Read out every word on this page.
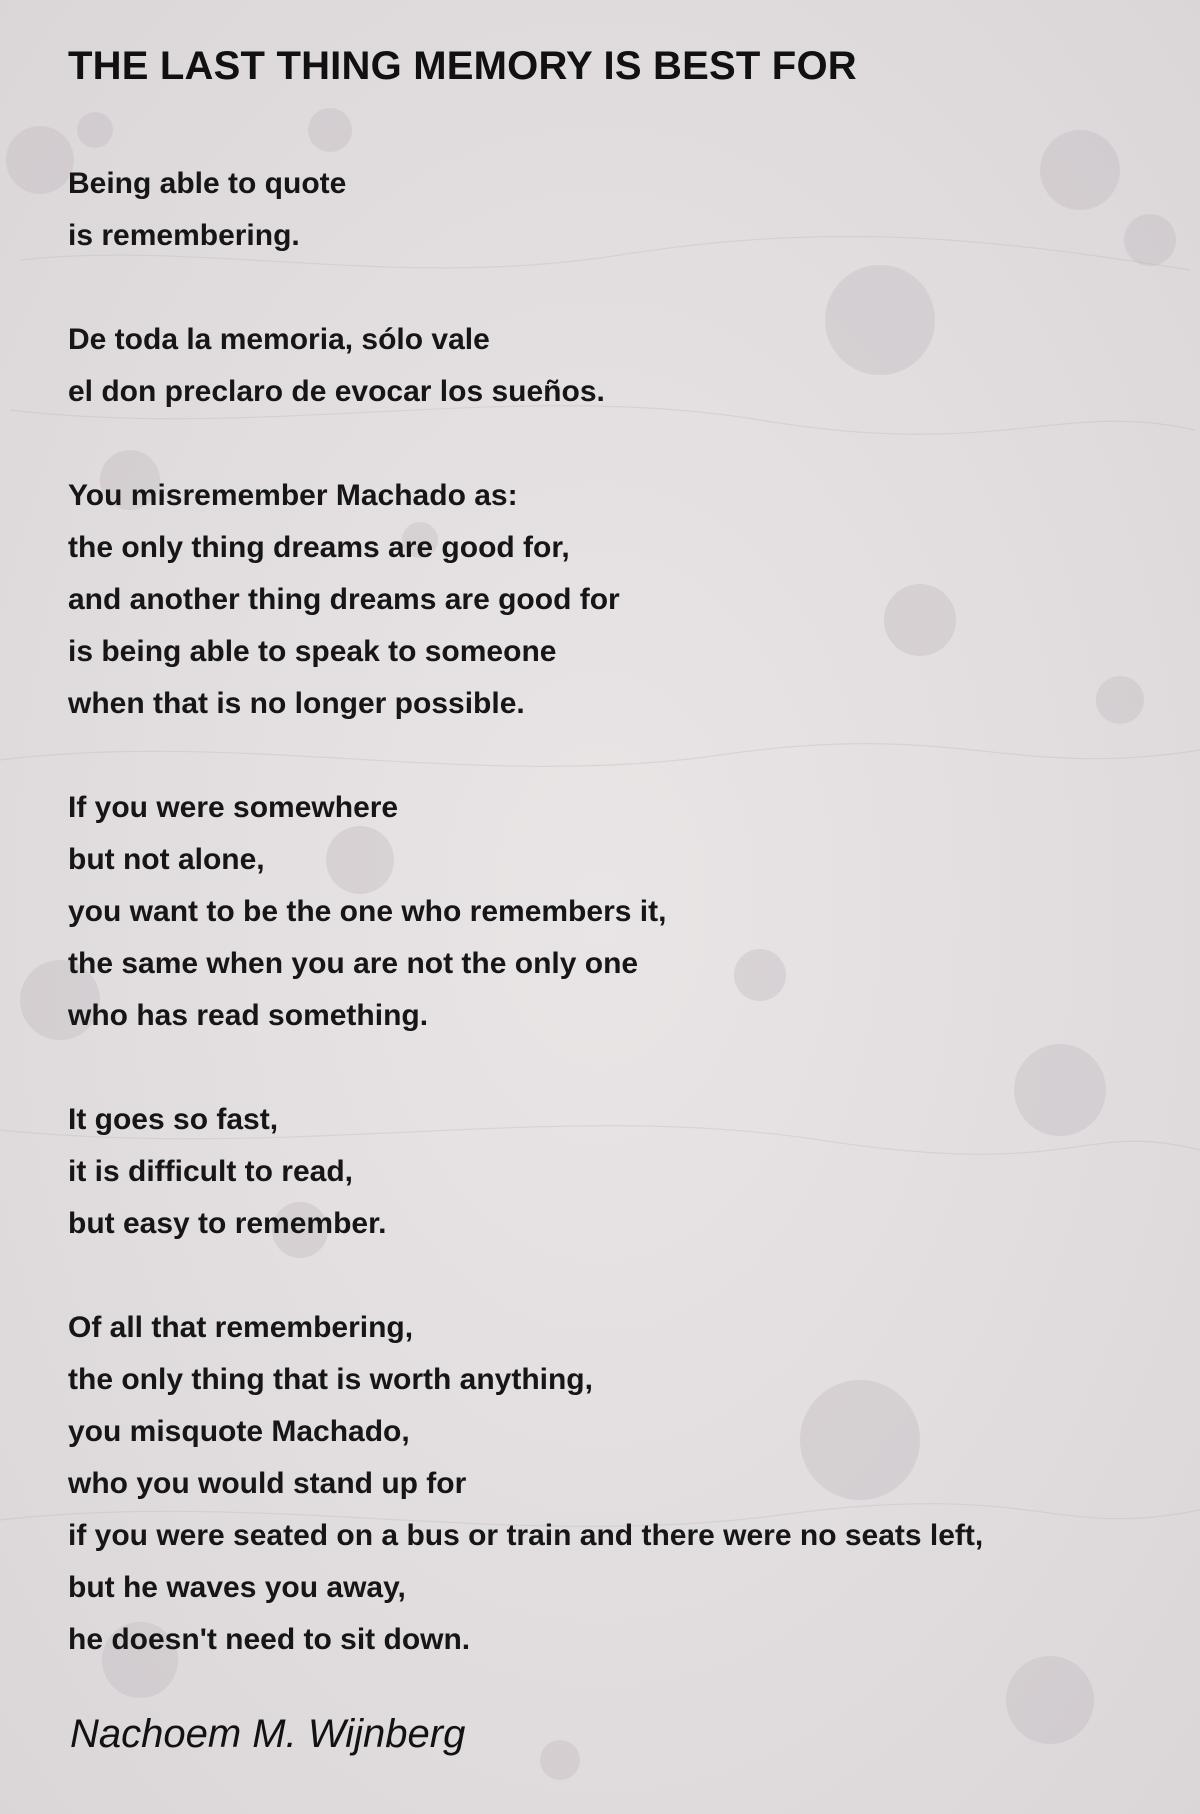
THE LAST THING MEMORY IS BEST FOR
Being able to quote
is remembering.
De toda la memoria, sólo vale
el don preclaro de evocar los sueños.
You misremember Machado as:
the only thing dreams are good for,
and another thing dreams are good for
is being able to speak to someone
when that is no longer possible.
If you were somewhere
but not alone,
you want to be the one who remembers it,
the same when you are not the only one
who has read something.
It goes so fast,
it is difficult to read,
but easy to remember.
Of all that remembering,
the only thing that is worth anything,
you misquote Machado,
who you would stand up for
if you were seated on a bus or train and there were no seats left,
but he waves you away,
he doesn't need to sit down.

Nachoem M. Wijnberg
